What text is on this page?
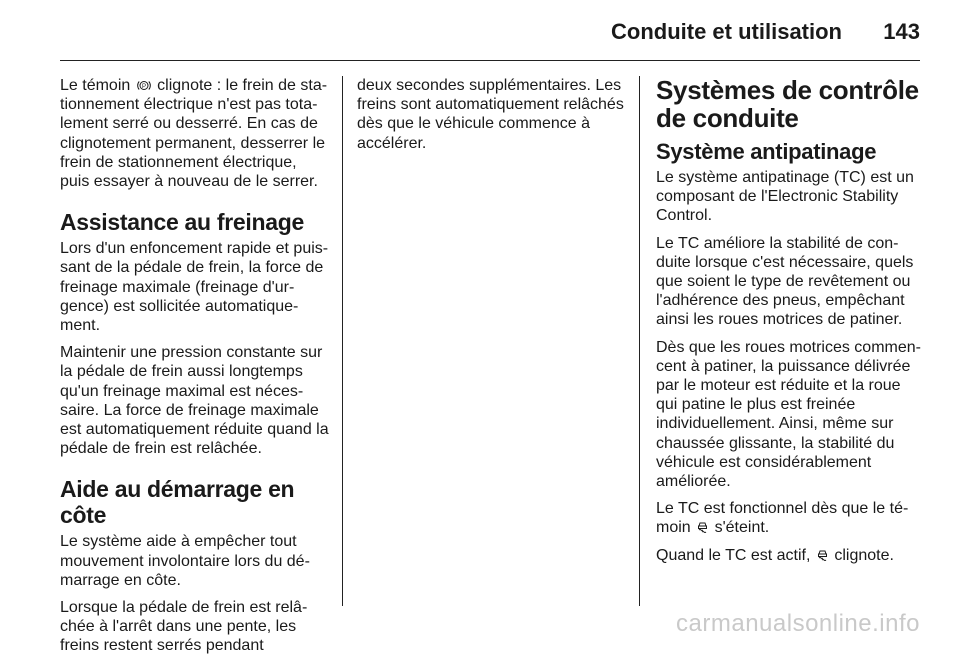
Conduite et utilisation 143

Le témoin P clignote : le frein de stationnement électrique n'est pas totalement serré ou desserré. En cas de clignotement permanent, desserrer le frein de stationnement électrique, puis essayer à nouveau de le serrer.

Assistance au freinage

Lors d'un enfoncement rapide et puissant de la pédale de frein, la force de freinage maximale (freinage d'urgence) est sollicitée automatiquement.

Maintenir une pression constante sur la pédale de frein aussi longtemps qu'un freinage maximal est nécessaire. La force de freinage maximale est automatiquement réduite quand la pédale de frein est relâchée.

Aide au démarrage en côte

Le système aide à empêcher tout mouvement involontaire lors du démarrage en côte.

Lorsque la pédale de frein est relâchée à l'arrêt dans une pente, les freins restent serrés pendant

deux secondes supplémentaires. Les freins sont automatiquement relâchés dès que le véhicule commence à accélérer.

Systèmes de contrôle de conduite
Système antipatinage

Le système antipatinage (TC) est un composant de l'Electronic Stability Control.

Le TC améliore la stabilité de conduite lorsque c'est nécessaire, quels que soient le type de revêtement ou l'adhérence des pneus, empêchant ainsi les roues motrices de patiner.

Dès que les roues motrices commencent à patiner, la puissance délivrée par le moteur est réduite et la roue qui patine le plus est freinée individuellement. Ainsi, même sur chaussée glissante, la stabilité du véhicule est considérablement améliorée.

Le TC est fonctionnel dès que le témoin s'éteint.

Quand le TC est actif, clignote.

carmanualsonline.info
